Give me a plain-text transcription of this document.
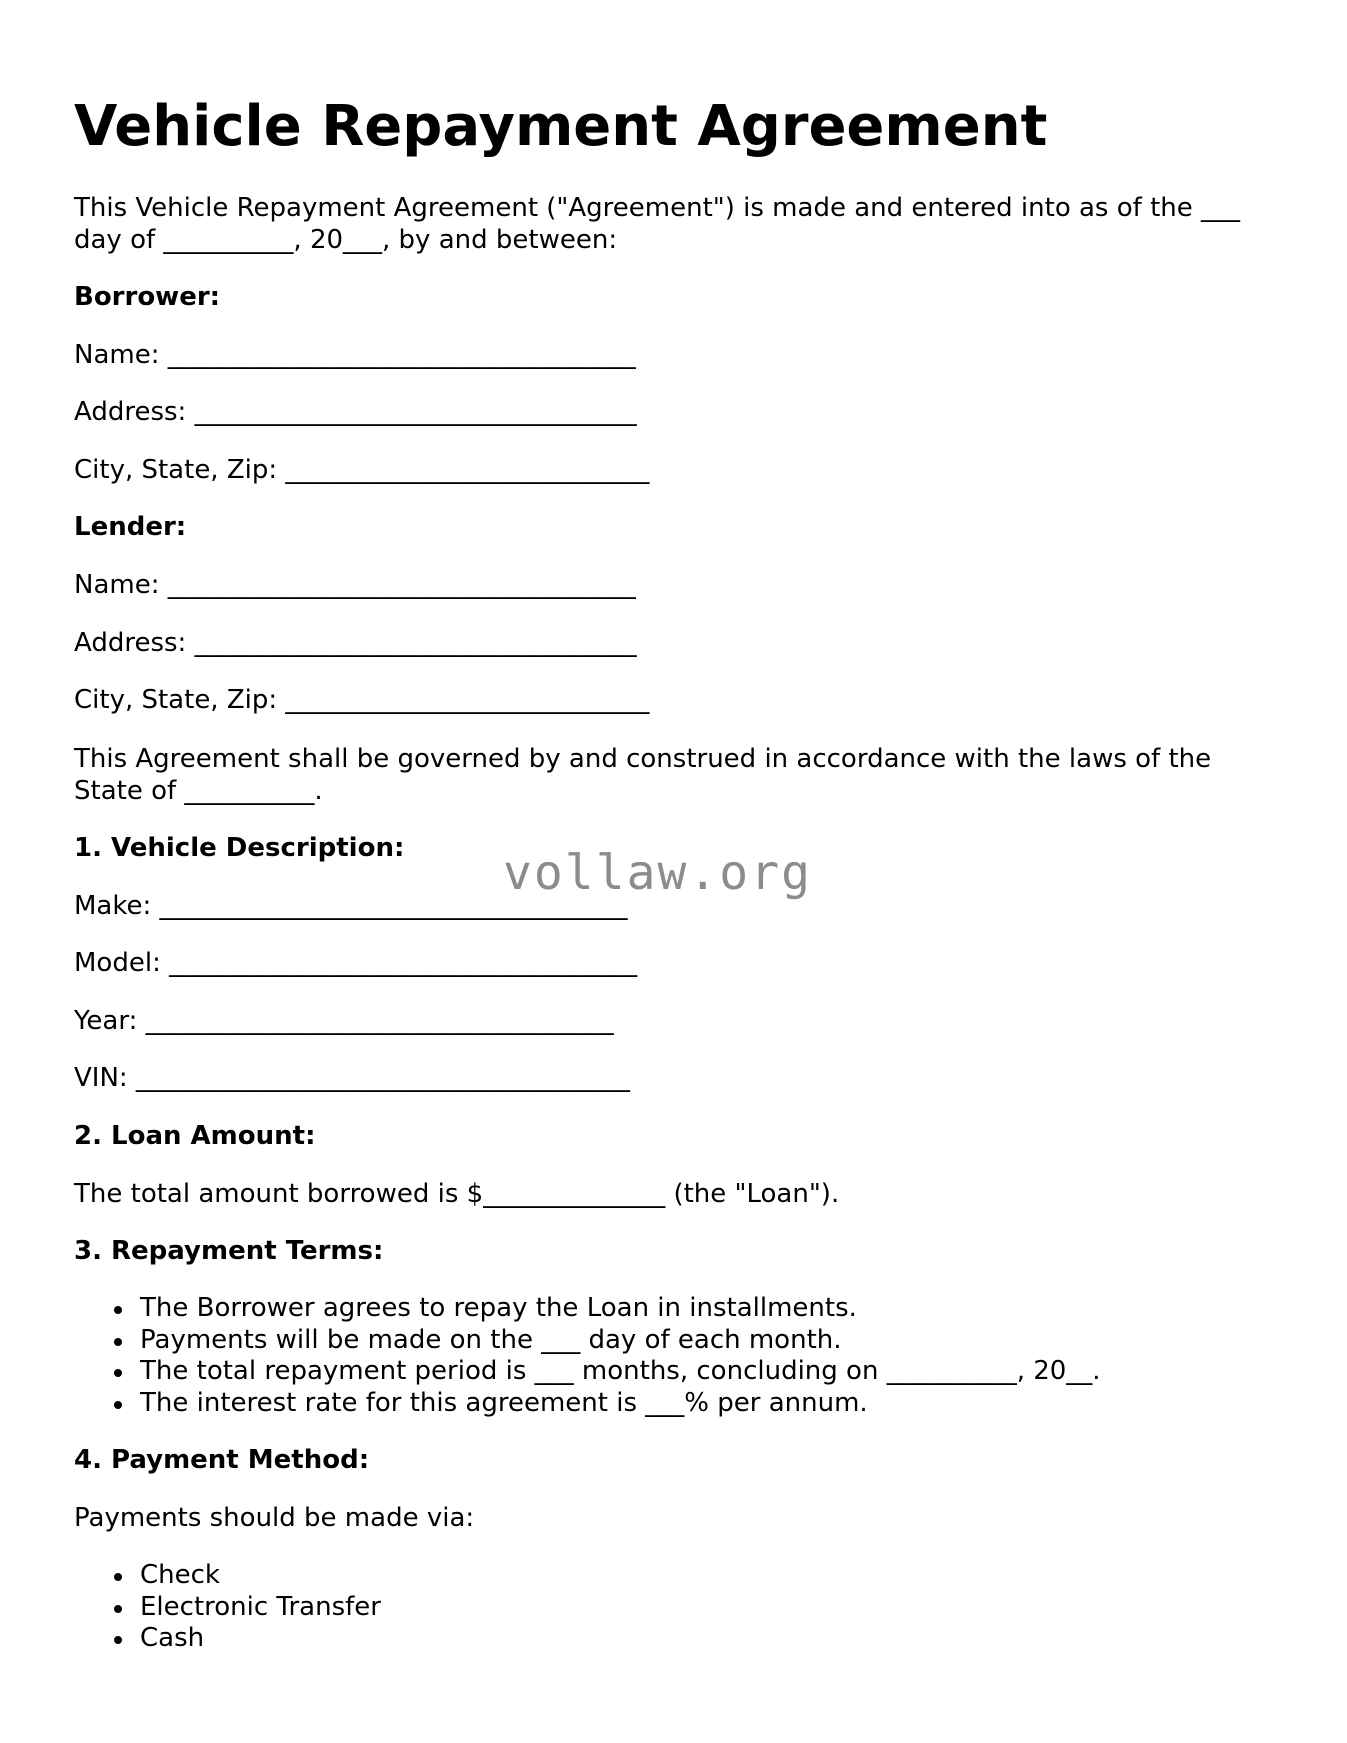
Vehicle Repayment Agreement

This Vehicle Repayment Agreement ("Agreement") is made and entered into as of the ___ day of __________, 20___, by and between:

Borrower:

Name: ____________________________________

Address: __________________________________

City, State, Zip: ____________________________

Lender:

Name: ____________________________________

Address: __________________________________

City, State, Zip: ____________________________

This Agreement shall be governed by and construed in accordance with the laws of the State of __________.

1. Vehicle Description:

Make: ____________________________________

Model: ____________________________________

Year: ____________________________________

VIN: ______________________________________

2. Loan Amount:

The total amount borrowed is $______________ (the "Loan").

3. Repayment Terms:

The Borrower agrees to repay the Loan in installments.
Payments will be made on the ___ day of each month.
The total repayment period is ___ months, concluding on __________, 20__.
The interest rate for this agreement is ___% per annum.

4. Payment Method:

Payments should be made via:

Check
Electronic Transfer
Cash
vollaw.org
